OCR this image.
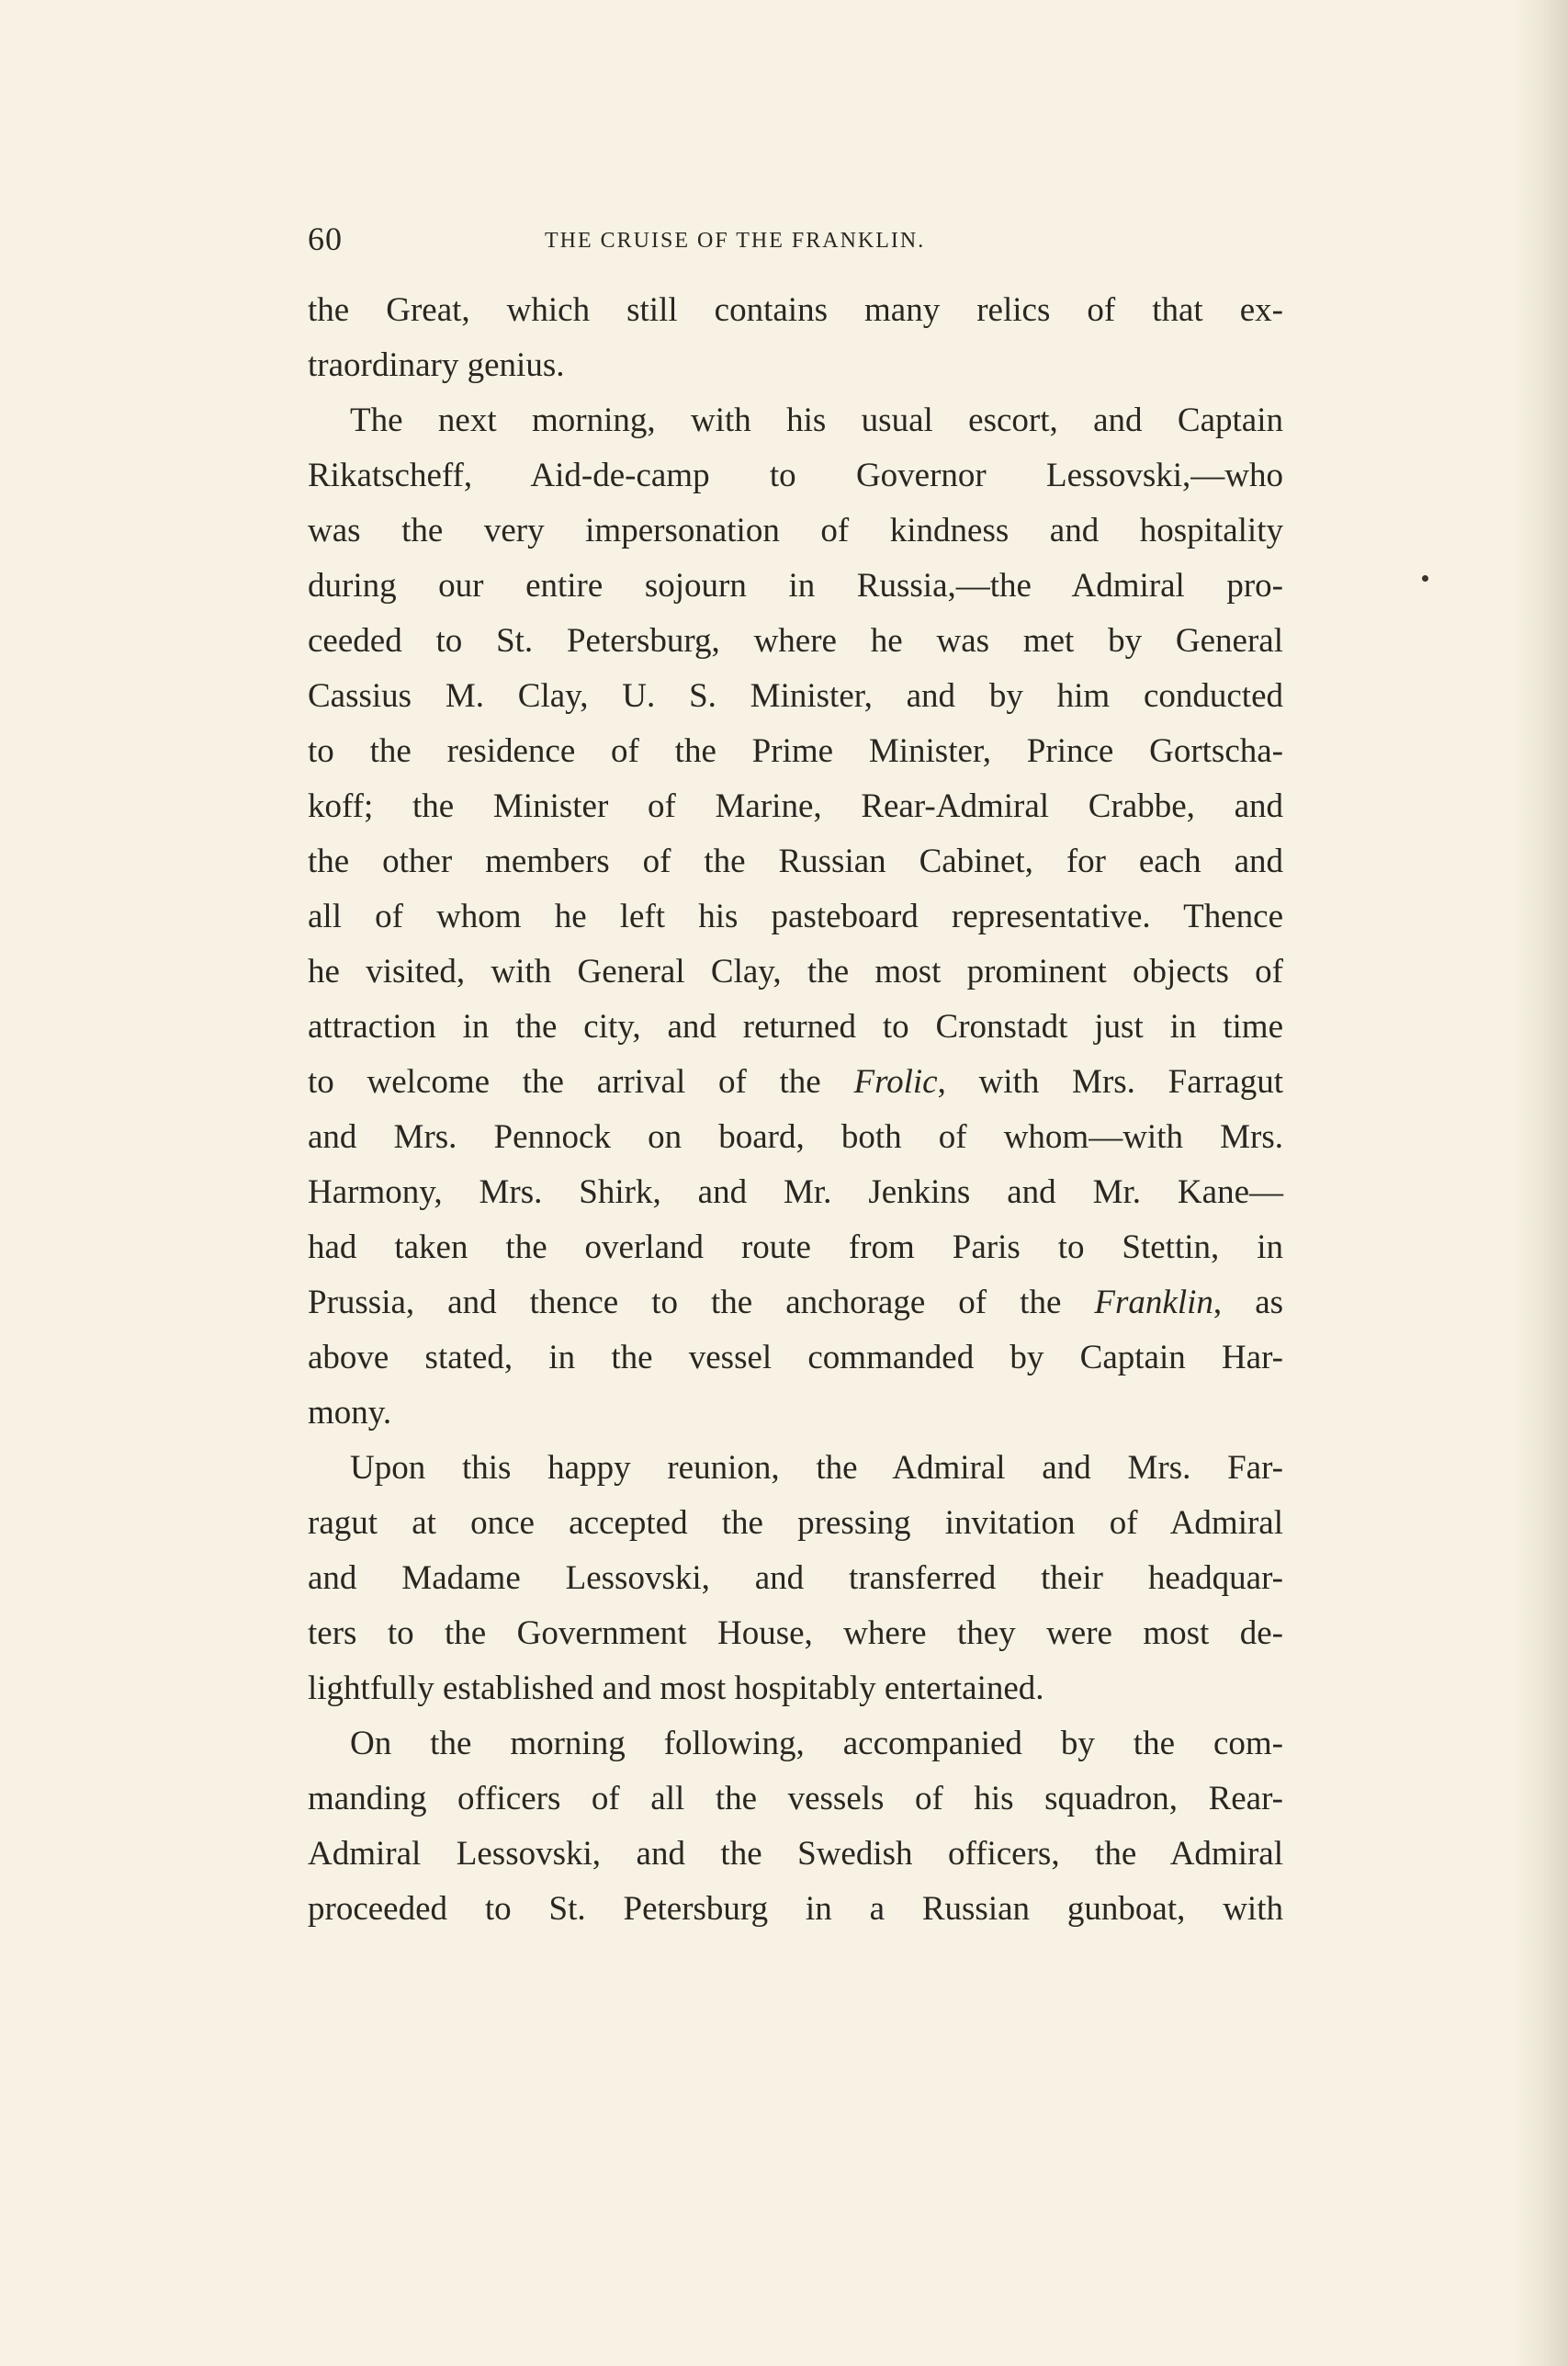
60	THE CRUISE OF THE FRANKLIN.
the Great, which still contains many relics of that ex-
traordinary genius.
The next morning, with his usual escort, and Captain
Rikatscheff, Aid-de-camp to Governor Lessovski,—who
was the very impersonation of kindness and hospitality
during our entire sojourn in Russia,—the Admiral pro-
ceeded to St. Petersburg, where he was met by General
Cassius M. Clay, U. S. Minister, and by him conducted
to the residence of the Prime Minister, Prince Gortscha-
koff; the Minister of Marine, Rear-Admiral Crabbe, and
the other members of the Russian Cabinet, for each and
all of whom he left his pasteboard representative. Thence
he visited, with General Clay, the most prominent objects of
attraction in the city, and returned to Cronstadt just in time
to welcome the arrival of the Frolic, with Mrs. Farragut
and Mrs. Pennock on board, both of whom—with Mrs.
Harmony, Mrs. Shirk, and Mr. Jenkins and Mr. Kane—
had taken the overland route from Paris to Stettin, in
Prussia, and thence to the anchorage of the Franklin, as
above stated, in the vessel commanded by Captain Har-
mony.
Upon this happy reunion, the Admiral and Mrs. Far-
ragut at once accepted the pressing invitation of Admiral
and Madame Lessovski, and transferred their headquar-
ters to the Government House, where they were most de-
lightfully established and most hospitably entertained.
On the morning following, accompanied by the com-
manding officers of all the vessels of his squadron, Rear-
Admiral Lessovski, and the Swedish officers, the Admiral
proceeded to St. Petersburg in a Russian gunboat, with
